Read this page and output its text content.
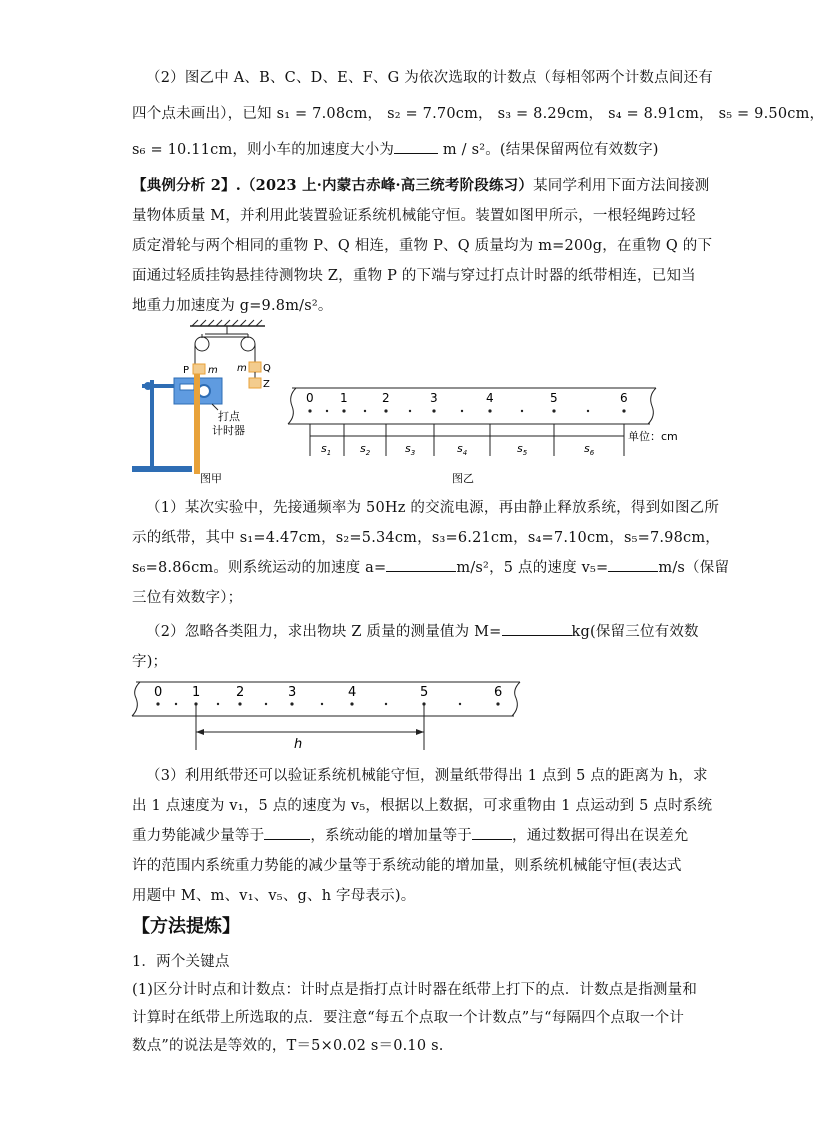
（2）图乙中 A、B、C、D、E、F、G 为依次选取的计数点（每相邻两个计数点间还有
四个点未画出），已知 s₁ = 7.08cm， s₂ = 7.70cm， s₃ = 8.29cm， s₄ = 8.91cm， s₅ = 9.50cm，
s₆ = 10.11cm，则小车的加速度大小为	m / s²。(结果保留两位有效数字)
【典例分析 2】.（2023 上·内蒙古赤峰·高三统考阶段练习）某同学利用下面方法间接测
量物体质量 M，并利用此装置验证系统机械能守恒。装置如图甲所示，一根轻绳跨过轻
质定滑轮与两个相同的重物 P、Q 相连，重物 P、Q 质量均为 m=200g，在重物 Q 的下
面通过轻质挂钩悬挂待测物块 Z，重物 P 的下端与穿过打点计时器的纸带相连，已知当
地重力加速度为 g=9.8m/s²。
P m m Q
Z
打点
计时器
图甲
0 1	2	3	4	5	6
$s_1$	$s_2$	$s_3$	$s_4$	$s_5$	$s_6$
单位：cm
图乙
（1）某次实验中，先接通频率为 50Hz 的交流电源，再由静止释放系统，得到如图乙所
示的纸带，其中 s₁=4.47cm，s₂=5.34cm，s₃=6.21cm，s₄=7.10cm，s₅=7.98cm，
s₆=8.86cm。则系统运动的加速度 a=	m/s²，5 点的速度 v₅=	m/s（保留
三位有效数字）；
（2）忽略各类阻力，求出物块 Z 质量的测量值为 M=	kg(保留三位有效数
字)；
0 1	2	3	4	5	6
h
（3）利用纸带还可以验证系统机械能守恒，测量纸带得出 1 点到 5 点的距离为 h，求
出 1 点速度为 v₁，5 点的速度为 v₅，根据以上数据，可求重物由 1 点运动到 5 点时系统
重力势能减少量等于	，系统动能的增加量等于	，通过数据可得出在误差允
许的范围内系统重力势能的减少量等于系统动能的增加量，则系统机械能守恒(表达式
用题中 M、m、v₁、v₅、g、h 字母表示)。
【方法提炼】
1．两个关键点
(1)区分计时点和计数点：计时点是指打点计时器在纸带上打下的点．计数点是指测量和
计算时在纸带上所选取的点．要注意“每五个点取一个计数点”与“每隔四个点取一个计
数点”的说法是等效的，T＝5×0.02 s＝0.10 s.
